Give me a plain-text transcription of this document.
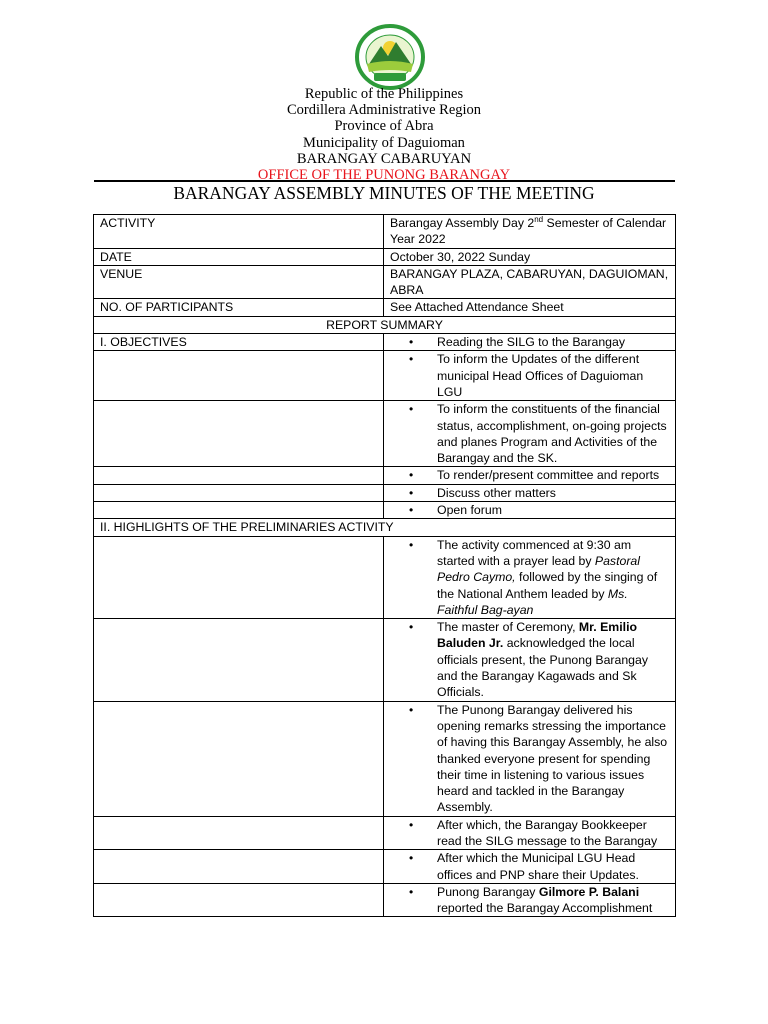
Republic of the Philippines
Cordillera Administrative Region
Province of Abra
Municipality of Daguioman
BARANGAY CABARUYAN
OFFICE OF THE PUNONG BARANGAY
BARANGAY ASSEMBLY MINUTES OF THE MEETING
ACTIVITY	Barangay Assembly Day 2nd Semester of Calendar Year 2022
DATE	October 30, 2022 Sunday
VENUE	BARANGAY PLAZA, CABARUYAN, DAGUIOMAN, ABRA
NO. OF PARTICIPANTS	See Attached Attendance Sheet
REPORT SUMMARY	
I. OBJECTIVES	• Reading the SILG to the Barangay

	• To inform the Updates of the different municipal Head Offices of Daguioman LGU

	• To inform the constituents of the financial status, accomplishment, on-going projects and planes Program and Activities of the Barangay and the SK.

	• To render/present committee and reports

	• Discuss other matters

	• Open forum

II. HIGHLIGHTS OF THE PRELIMINARIES ACTIVITY	

	• The activity commenced at 9:30 am started with a prayer lead by Pastoral Pedro Caymo, followed by the singing of the National Anthem leaded by Ms. Faithful Bag-ayan

	• The master of Ceremony, Mr. Emilio Baluden Jr. acknowledged the local officials present, the Punong Barangay and the Barangay Kagawads and Sk Officials.

	• The Punong Barangay delivered his opening remarks stressing the importance of having this Barangay Assembly, he also thanked everyone present for spending their time in listening to various issues heard and tackled in the Barangay Assembly.

	• After which, the Barangay Bookkeeper read the SILG message to the Barangay

	• After which the Municipal LGU Head offices and PNP share their Updates.

	• Punong Barangay Gilmore P. Balani reported the Barangay Accomplishment
